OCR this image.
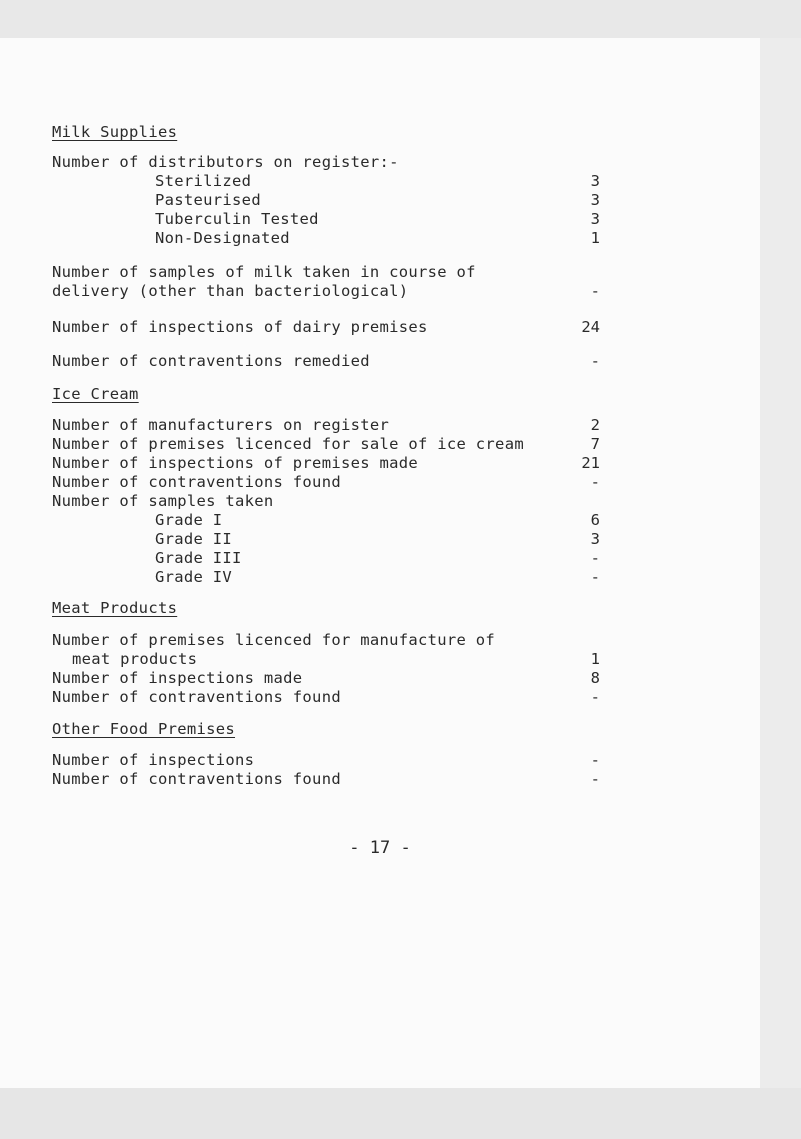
Milk Supplies
Number of distributors on register:-
Sterilized	3
Pasteurised	3
Tuberculin Tested	3
Non-Designated	1
Number of samples of milk taken in course of
delivery (other than bacteriological)	-
Number of inspections of dairy premises	24
Number of contraventions remedied	-
Ice Cream
Number of manufacturers on register	2
Number of premises licenced for sale of ice cream	7
Number of inspections of premises made	21
Number of contraventions found	-
Number of samples taken
Grade I	6
Grade II	3
Grade III	-
Grade IV	-
Meat Products
Number of premises licenced for manufacture of
meat products	1
Number of inspections made	8
Number of contraventions found	-
Other Food Premises
Number of inspections	-
Number of contraventions found	-
- 17 -
